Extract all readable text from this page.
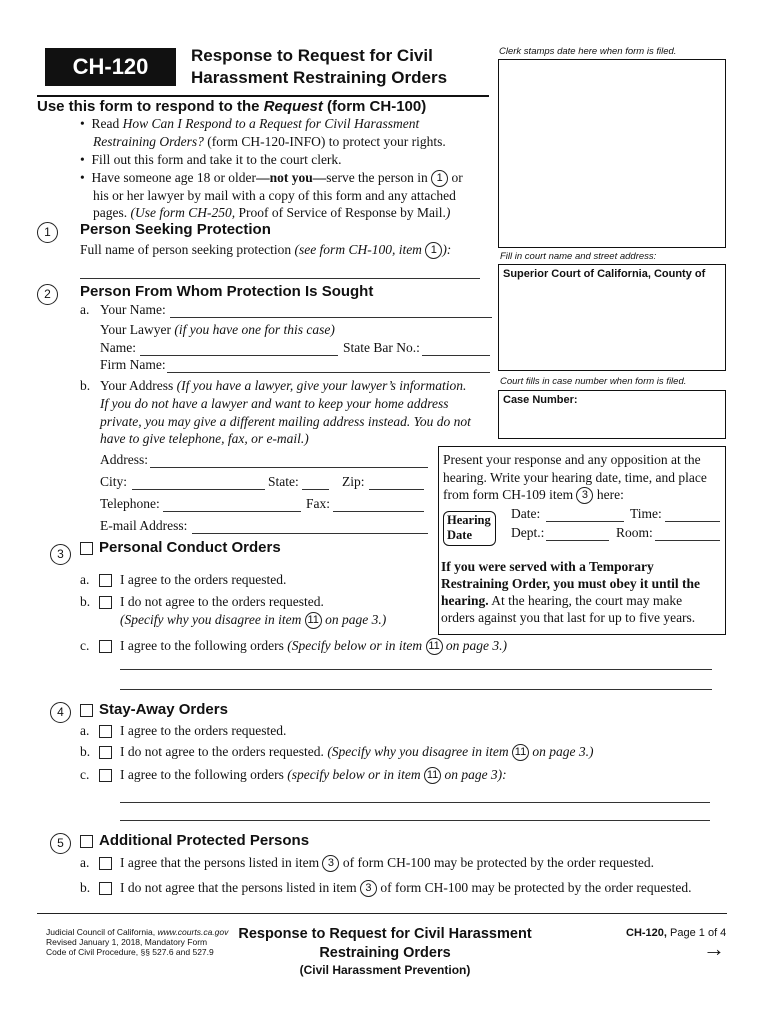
CH-120	Response to Request for Civil
Harassment Restraining Orders
Clerk stamps date here when form is filed.
Use this form to respond to the Request (form CH-100)
•  Read How Can I Respond to a Request for Civil Harassment
Restraining Orders? (form CH-120-INFO) to protect your rights.
•  Fill out this form and take it to the court clerk.
•  Have someone age 18 or older—not you—serve the person in 1 or
his or her lawyer by mail with a copy of this form and any attached
pages. (Use form CH-250, Proof of Service of Response by Mail.)
1	Person Seeking Protection
Full name of person seeking protection (see form CH-100, item 1 ):	Fill in court name and street address:
Superior Court of California, County of
Court fills in case number when form is filed.
Case Number:
2	Person From Whom Protection Is Sought
a. Your Name:
Your Lawyer (if you have one for this case)
Name:	State Bar No.:
Firm Name:
b. Your Address (If you have a lawyer, give your lawyer’s information.
If you do not have a lawyer and want to keep your home address
private, you may give a different mailing address instead. You do not
have to give telephone, fax, or e-mail.)
Address:
City:	State:	Zip:
Telephone:	Fax:
E-mail Address:
Present your response and any opposition at the
hearing. Write your hearing date, time, and place
from form CH-109 item 3 here:
Hearing
Date
Date:	Time:
Dept.:	Room:
If you were served with a Temporary
Restraining Order, you must obey it until the
hearing. At the hearing, the court may make
orders against you that last for up to five years.
3	Personal Conduct Orders
a. I agree to the orders requested.
b. I do not agree to the orders requested.
(Specify why you disagree in item 11 on page 3.)
c. I agree to the following orders (Specify below or in item 11 on page 3.)
4	Stay-Away Orders
a. I agree to the orders requested.
b. I do not agree to the orders requested. (Specify why you disagree in item 11 on page 3.)
c. I agree to the following orders (specify below or in item 11 on page 3):
5	Additional Protected Persons
a. I agree that the persons listed in item 3 of form CH-100 may be protected by the order requested.
b. I do not agree that the persons listed in item 3 of form CH-100 may be protected by the order requested.
Judicial Council of California, www.courts.ca.gov
Revised January 1, 2018, Mandatory Form
Code of Civil Procedure, §§ 527.6 and 527.9
Response to Request for Civil Harassment
Restraining Orders
(Civil Harassment Prevention)
CH-120, Page 1 of 4
→
